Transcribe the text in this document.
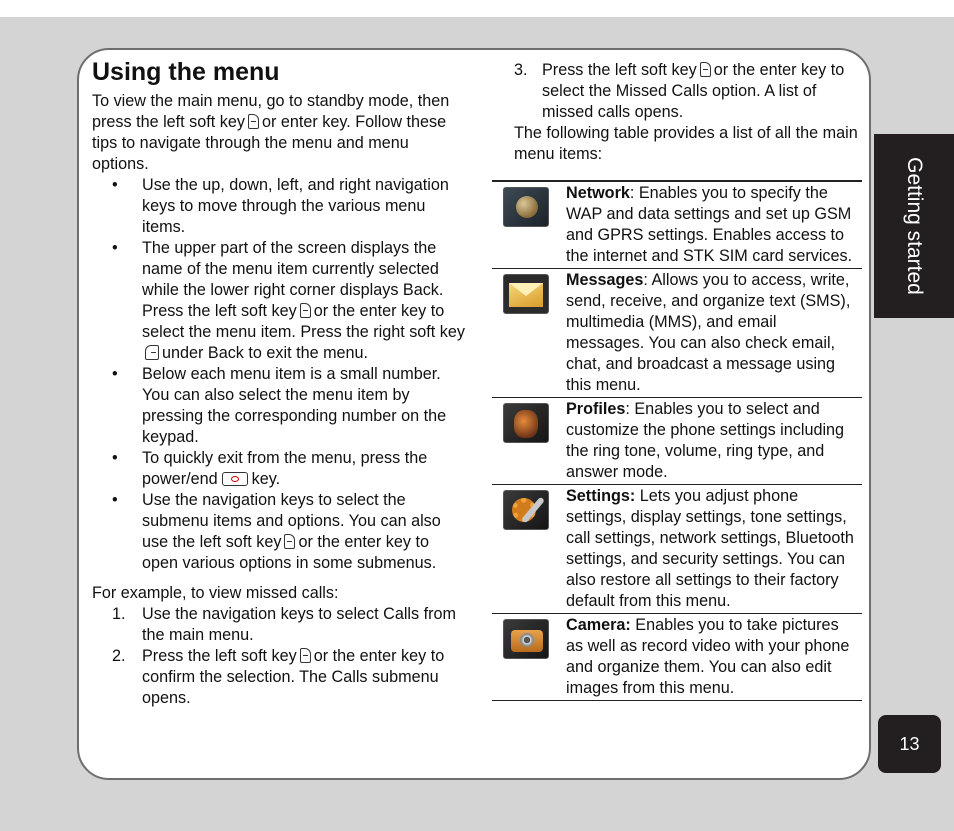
Using the menu

To view the main menu, go to standby mode, then press the left soft key or enter key. Follow these tips to navigate through the menu and menu options.

• Use the up, down, left, and right navigation keys to move through the various menu items.
• The upper part of the screen displays the name of the menu item currently selected while the lower right corner displays Back. Press the left soft key or the enter key to select the menu item. Press the right soft keyunder Back to exit the menu.
• Below each menu item is a small number. You can also select the menu item by pressing the corresponding number on the keypad.
• To quickly exit from the menu, press the power/end key.
• Use the navigation keys to select the submenu items and options. You can also use the left soft key or the enter key to open various options in some submenus.

For example, to view missed calls:

1. Use the navigation keys to select Calls from the main menu.
2. Press the left soft key or the enter key to confirm the selection. The Calls submenu opens.
3. Press the left soft key or the enter key to select the Missed Calls option. A list of missed calls opens.

The following table provides a list of all the main menu items:

Network: Enables you to specify the WAP and data settings and set up GSM and GPRS settings. Enables access to the internet and STK SIM card services.
Messages: Allows you to access, write, send, receive, and organize text (SMS), multimedia (MMS), and email messages. You can also check email, chat, and broadcast a message using this menu.
Profiles: Enables you to select and customize the phone settings including the ring tone, volume, ring type, and answer mode.
Settings: Lets you adjust phone settings, display settings, tone settings, call settings, network settings, Bluetooth settings, and security settings. You can also restore all settings to their factory default from this menu.
Camera: Enables you to take pictures as well as record video with your phone and organize them. You can also edit images from this menu.
Getting started
13
